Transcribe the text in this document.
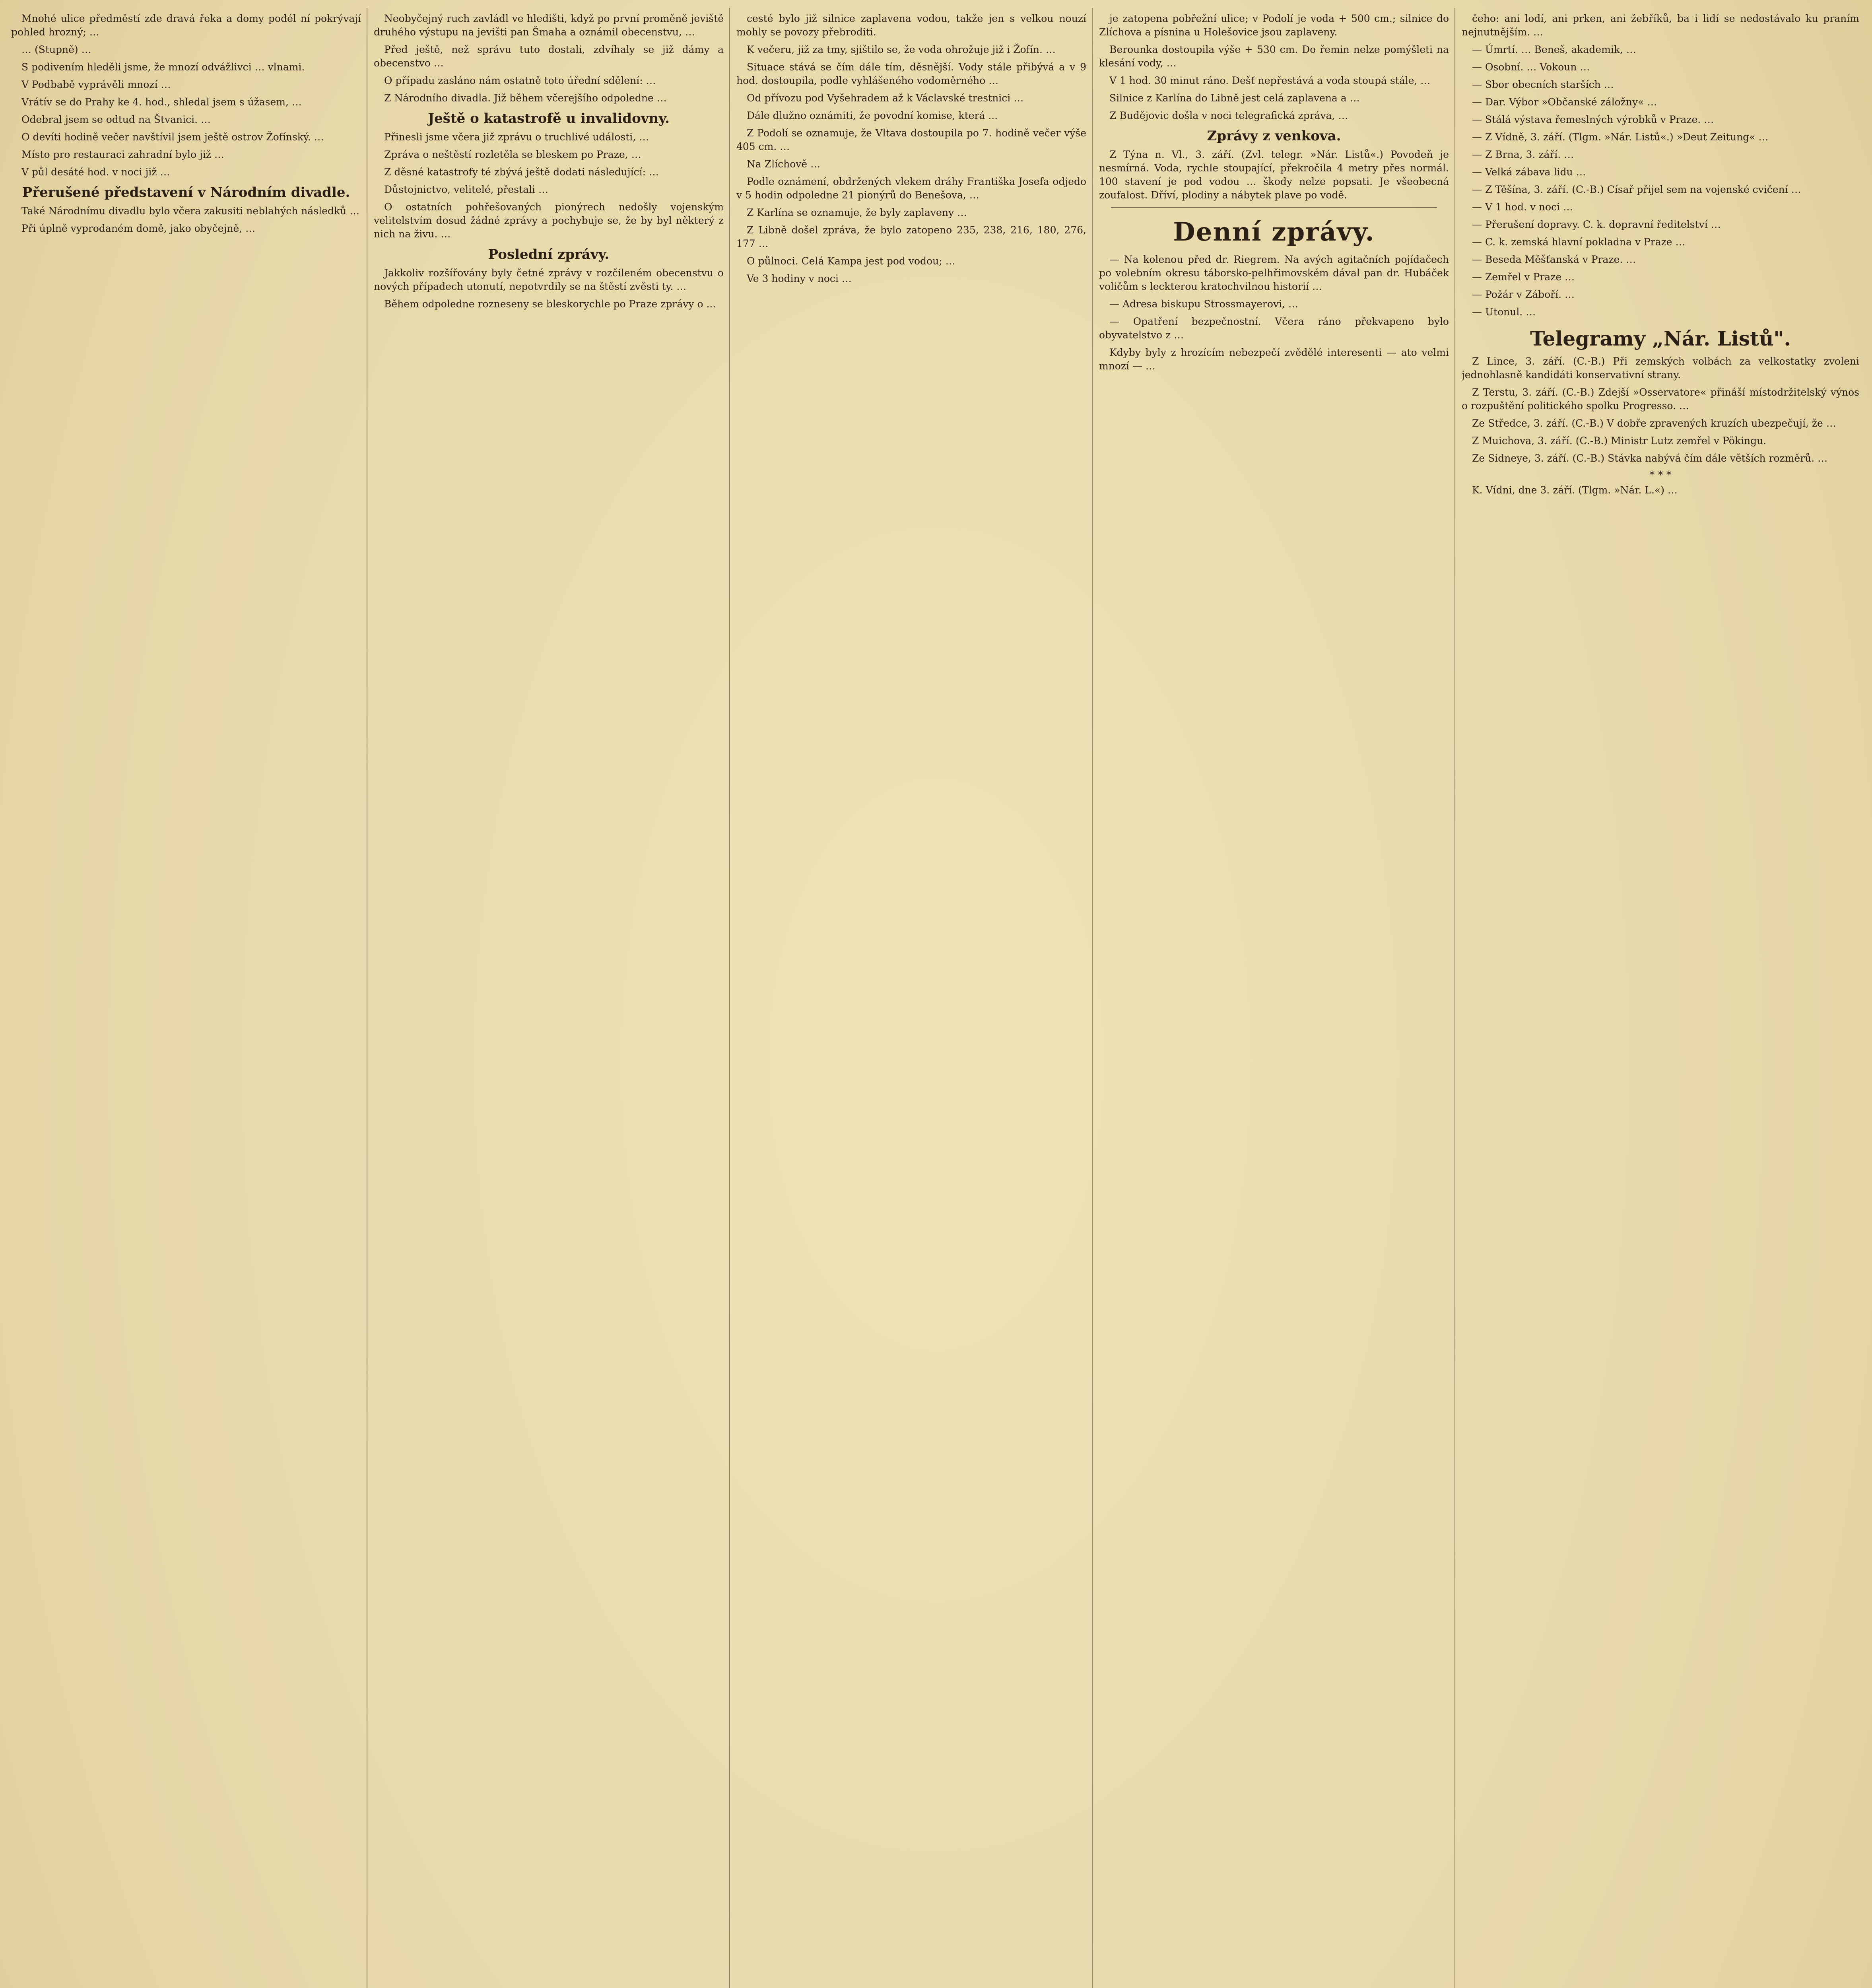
Mnohé ulice předměstí zde dravá řeka a domy podél ní pokrývají pohled hrozný; …

… (Stupně) …

S podivením hleděli jsme, že mnozí odvážlivci … vlnami.

V Podbabě vyprávěli mnozí …

Vrátív se do Prahy ke 4. hod., shledal jsem s úžasem, …

Odebral jsem se odtud na Štvanici. …

O devíti hodině večer navštívil jsem ještě ostrov Žofínský. …

Místo pro restauraci zahradní bylo již …

V půl desáté hod. v noci již …

Přerušené představení v Národním divadle.

Také Národnímu divadlu bylo včera zakusiti neblahých následků …

Při úplně vyprodaném domě, jako obyčejně, …

Neobyčejný ruch zavládl ve hledišti, když po první proměně jeviště druhého výstupu na jevišti pan Šmaha a oznámil obecenstvu, …

Před ještě, než správu tuto dostali, zdvíhaly se již dámy a obecenstvo …

O případu zasláno nám ostatně toto úřední sdělení: …

Z Národního divadla. Již během včerejšího odpoledne …

Ještě o katastrofě u invalidovny.

Přinesli jsme včera již zprávu o truchlivé události, …

Zpráva o neštěstí rozletěla se bleskem po Praze, …

Z děsné katastrofy té zbývá ještě dodati následující: …

Důstojnictvo, velitelé, přestali …

O ostatních pohřešovaných pionýrech nedošly vojenským velitelstvím dosud žádné zprávy a pochybuje se, že by byl některý z nich na živu. …

Poslední zprávy.

Jakkoliv rozšířovány byly četné zprávy v rozčileném obecenstvu o nových případech utonutí, nepotvrdily se na štěstí zvěsti ty. …

Během odpoledne rozneseny se bleskorychle po Praze zprávy o ...

cesté bylo již silnice zaplavena vodou, takže jen s velkou nouzí mohly se povozy přebroditi.

K večeru, již za tmy, sjištilo se, že voda ohrožuje již i Žofín. …

Situace stává se čím dále tím, děsnější. Vody stále přibývá a v 9 hod. dostoupila, podle vyhlášeného vodoměrného …

Od přívozu pod Vyšehradem až k Václavské trestnici …

Dále dlužno oznámiti, že povodní komise, která ...

Z Podolí se oznamuje, že Vltava dostoupila po 7. hodině večer výše 405 cm. …

Na Zlíchově …

Podle oznámení, obdržených vlekem dráhy Františka Josefa odjedo v 5 hodin odpoledne 21 pionýrů do Benešova, …

Z Karlína se oznamuje, že byly zaplaveny …

Z Libně došel zpráva, že bylo zatopeno 235, 238, 216, 180, 276, 177 …

O půlnoci. Celá Kampa jest pod vodou; …

Ve 3 hodiny v noci …

je zatopena pobřežní ulice; v Podolí je voda + 500 cm.; silnice do Zlíchova a písnina u Holešovice jsou zaplaveny.

Berounka dostoupila výše + 530 cm. Do řemin nelze pomýšleti na klesání vody, …

V 1 hod. 30 minut ráno. Dešť nepřestává a voda stoupá stále, …

Silnice z Karlína do Libně jest celá zaplavena a …

Z Budějovic došla v noci telegrafická zpráva, …

Zprávy z venkova.

Z Týna n. Vl., 3. září. (Zvl. telegr. »Nár. Listů«.) Povodeň je nesmírná. Voda, rychle stoupající, překročila 4 metry přes normál. 100 stavení je pod vodou … škody nelze popsati. Je všeobecná zoufalost. Dříví, plodiny a nábytek plave po vodě.

Denní zprávy.

— Na kolenou před dr. Riegrem. Na avých agitačních pojídačech po volebním okresu táborsko-pelhřimovském dával pan dr. Hubáček voličům s leckterou kratochvilnou historií …

— Adresa biskupu Strossmayerovi, …

— Opatření bezpečnostní. Včera ráno překvapeno bylo obyvatelstvo z …

Kdyby byly z hrozícím nebezpečí zvědělé interesenti — ato velmi mnozí — …

čeho: ani lodí, ani prken, ani žebříků, ba i lidí se nedostávalo ku praním nejnutnějším. …

— Úmrtí. … Beneš, akademik, …

— Osobní. … Vokoun …

— Sbor obecních starších …

— Dar. Výbor »Občanské záložny« …

— Stálá výstava řemeslných výrobků v Praze. …

— Z Vídně, 3. září. (Tlgm. »Nár. Listů«.) »Deut Zeitung« …

— Z Brna, 3. září. …

— Velká zábava lidu …

— Z Těšína, 3. září. (C.-B.) Císař přijel sem na vojenské cvičení …

— V 1 hod. v noci …

— Přerušení dopravy. C. k. dopravní ředitelství …

— C. k. zemská hlavní pokladna v Praze …

— Beseda Měšťanská v Praze. …

— Zemřel v Praze …

— Požár v Záboří. …

— Utonul. …

Telegramy „Nár. Listů".

Z Lince, 3. září. (C.-B.) Při zemských volbách za velkostatky zvoleni jednohlasně kandidáti konservativní strany.

Z Terstu, 3. září. (C.-B.) Zdejší »Osservatore« přináší místodržitelský výnos o rozpuštění politického spolku Progresso. …

Ze Středce, 3. září. (C.-B.) V dobře zpravených kruzích ubezpečují, že …

Z Muichova, 3. září. (C.-B.) Ministr Lutz zemřel v Pökingu.

Ze Sidneye, 3. září. (C.-B.) Stávka nabývá čím dále větších rozměrů. …

* * *

K. Vídni, dne 3. září. (Tlgm. »Nár. L.«) …
